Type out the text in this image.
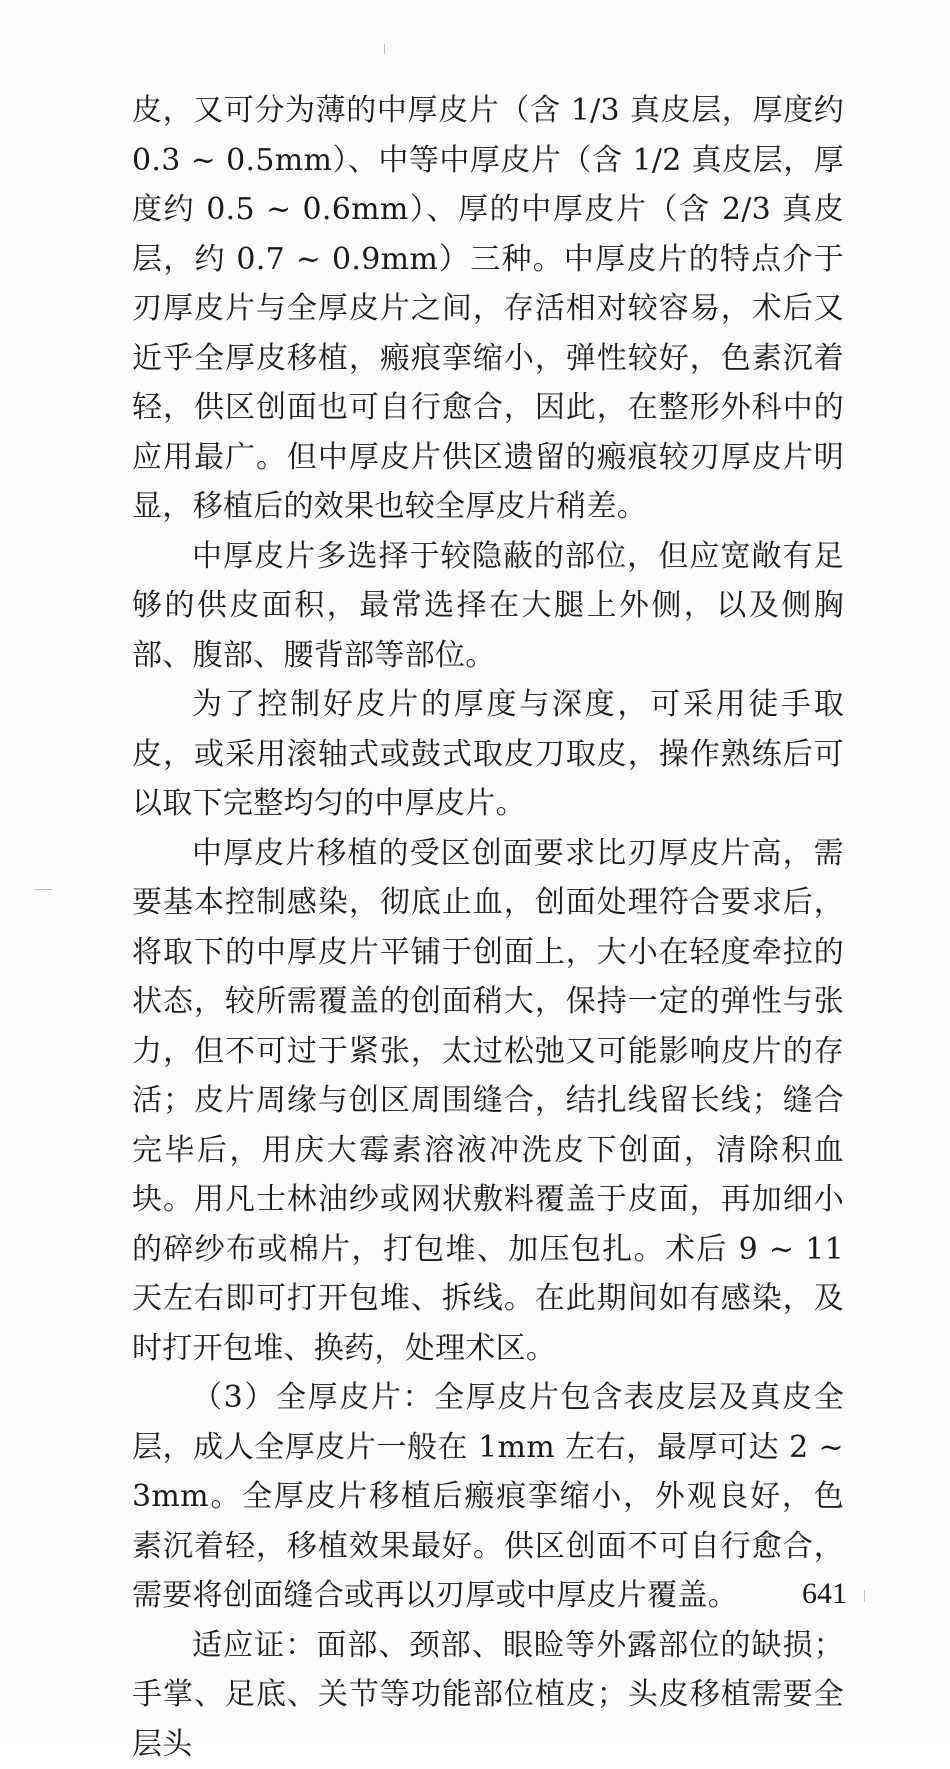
皮，又可分为薄的中厚皮片（含 1/3 真皮层，厚度约 0.3 ~ 0.5mm）、中等中厚皮片（含 1/2 真皮层，厚度约 0.5 ~ 0.6mm）、厚的中厚皮片（含 2/3 真皮层，约 0.7 ~ 0.9mm）三种。中厚皮片的特点介于刃厚皮片与全厚皮片之间，存活相对较容易，术后又近乎全厚皮移植，瘢痕挛缩小，弹性较好，色素沉着轻，供区创面也可自行愈合，因此，在整形外科中的应用最广。但中厚皮片供区遗留的瘢痕较刃厚皮片明显，移植后的效果也较全厚皮片稍差。

中厚皮片多选择于较隐蔽的部位，但应宽敞有足够的供皮面积，最常选择在大腿上外侧，以及侧胸部、腹部、腰背部等部位。

为了控制好皮片的厚度与深度，可采用徒手取皮，或采用滚轴式或鼓式取皮刀取皮，操作熟练后可以取下完整均匀的中厚皮片。

中厚皮片移植的受区创面要求比刃厚皮片高，需要基本控制感染，彻底止血，创面处理符合要求后，将取下的中厚皮片平铺于创面上，大小在轻度牵拉的状态，较所需覆盖的创面稍大，保持一定的弹性与张力，但不可过于紧张，太过松弛又可能影响皮片的存活；皮片周缘与创区周围缝合，结扎线留长线；缝合完毕后，用庆大霉素溶液冲洗皮下创面，清除积血块。用凡士林油纱或网状敷料覆盖于皮面，再加细小的碎纱布或棉片，打包堆、加压包扎。术后 9 ~ 11 天左右即可打开包堆、拆线。在此期间如有感染，及时打开包堆、换药，处理术区。

（3）全厚皮片：全厚皮片包含表皮层及真皮全层，成人全厚皮片一般在 1mm 左右，最厚可达 2 ~ 3mm。全厚皮片移植后瘢痕挛缩小，外观良好，色素沉着轻，移植效果最好。供区创面不可自行愈合，需要将创面缝合或再以刃厚或中厚皮片覆盖。

适应证：面部、颈部、眼睑等外露部位的缺损；手掌、足底、关节等功能部位植皮；头皮移植需要全层头

641
